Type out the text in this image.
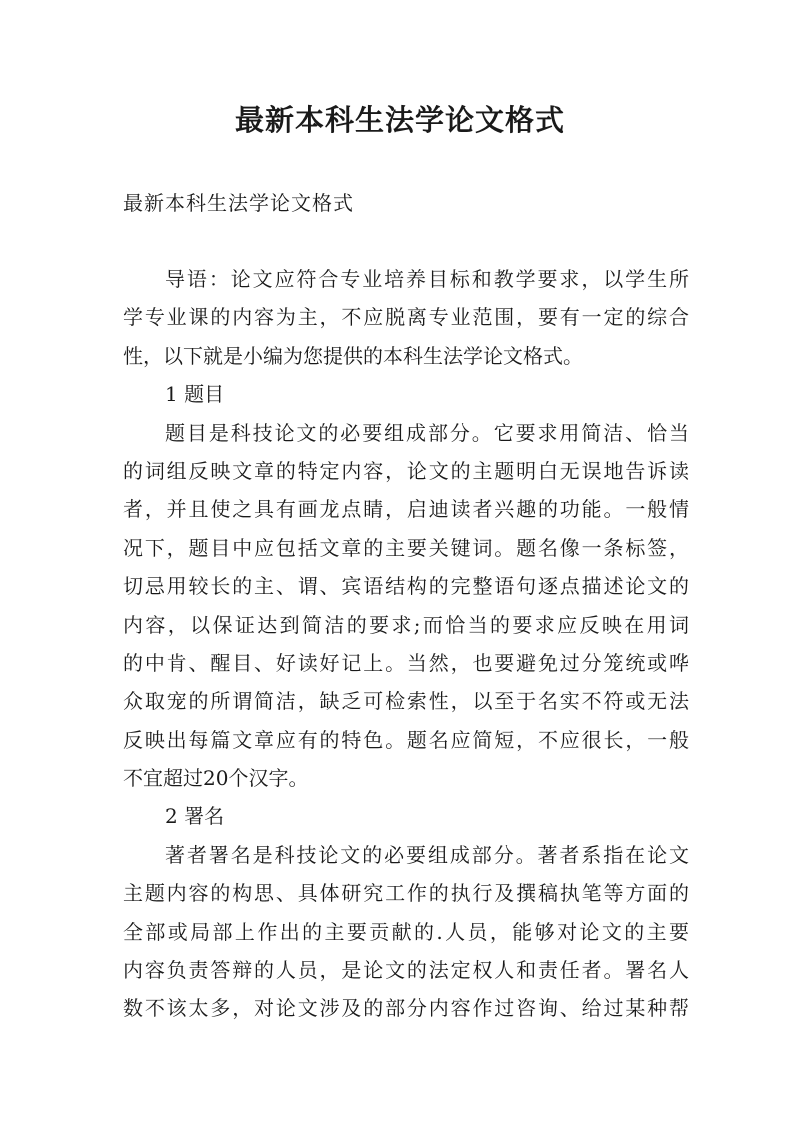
最新本科生法学论文格式

最新本科生法学论文格式

导语：论文应符合专业培养目标和教学要求，以学生所
学专业课的内容为主，不应脱离专业范围，要有一定的综合
性，以下就是小编为您提供的本科生法学论文格式。
1 题目
题目是科技论文的必要组成部分。它要求用简洁、恰当
的词组反映文章的特定内容，论文的主题明白无误地告诉读
者，并且使之具有画龙点睛，启迪读者兴趣的功能。一般情
况下，题目中应包括文章的主要关键词。题名像一条标签，
切忌用较长的主、谓、宾语结构的完整语句逐点描述论文的
内容，以保证达到简洁的要求;而恰当的要求应反映在用词
的中肯、醒目、好读好记上。当然，也要避免过分笼统或哗
众取宠的所谓简洁，缺乏可检索性，以至于名实不符或无法
反映出每篇文章应有的特色。题名应简短，不应很长，一般
不宜超过20个汉字。
2 署名
著者署名是科技论文的必要组成部分。著者系指在论文
主题内容的构思、具体研究工作的执行及撰稿执笔等方面的
全部或局部上作出的主要贡献的.人员，能够对论文的主要
内容负责答辩的人员，是论文的法定权人和责任者。署名人
数不该太多，对论文涉及的部分内容作过咨询、给过某种帮
